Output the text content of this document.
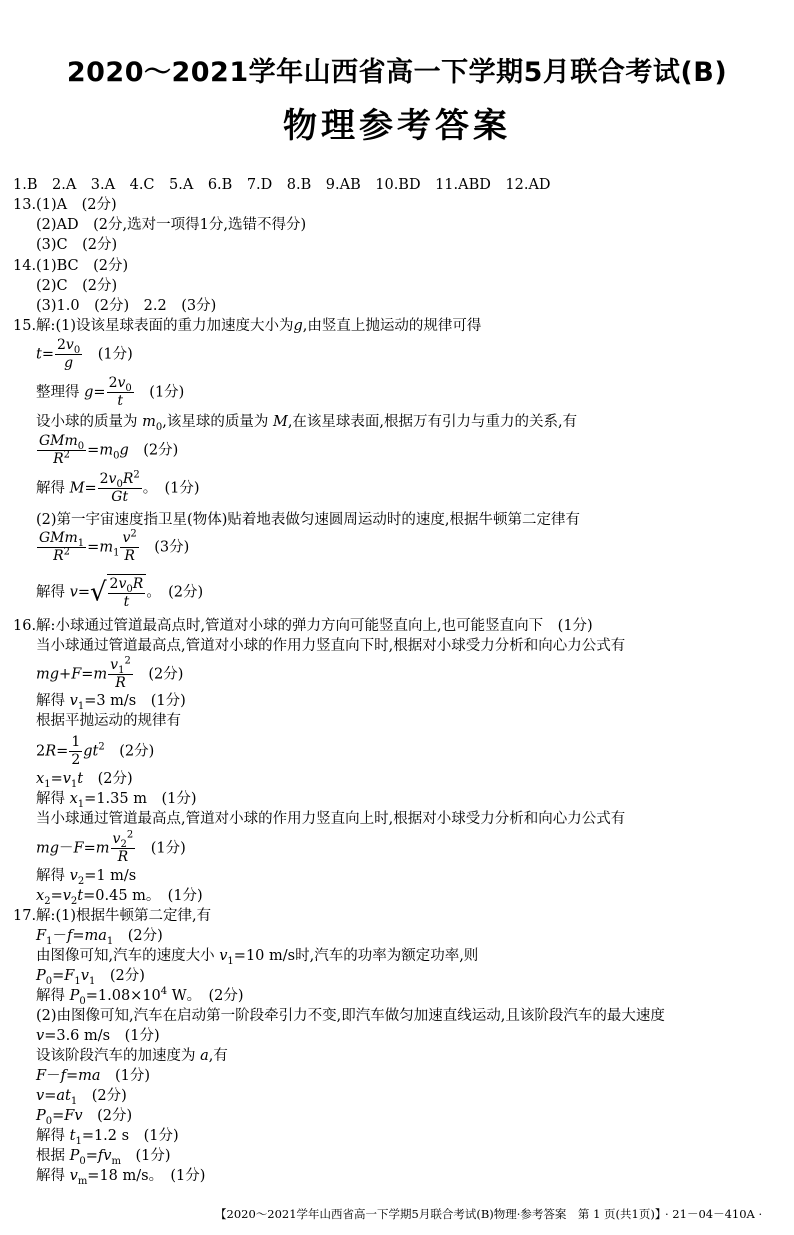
2020～2021学年山西省高一下学期5月联合考试(B)
物理参考答案
1.B　2.A　3.A　4.C　5.A　6.B　7.D　8.B　9.AB　10.BD　11.ABD　12.AD
13.(1)A　(2分)
(2)AD　(2分,选对一项得1分,选错不得分)
(3)C　(2分)
14.(1)BC　(2分)
(2)C　(2分)
(3)1.0　(2分)　2.2　(3分)
15.解:(1)设该星球表面的重力加速度大小为g,由竖直上抛运动的规律可得
$t= \frac{2v_0}{g}$
　 (1分)
整理得 $g= \frac{2v_0}{t}$
　 (1分)
设小球的质量为 $m_0$,该星球的质量为 M,在该星球表面,根据万有引力与重力的关系,有
GMm$_0$
$R^2$	$=m_0g$　 (2分)
解得 $M= \frac{2v_0R^2}{Gt}$ 。　(1分)
(2)第一宇宙速度指卫星(物体)贴着地表做匀速圆周运动时的速度,根据牛顿第二定律有
GMm$_1$
$R^2$	$=m_1 \frac{v^2}{R}$
　 (3分)
解得 $v=√ \frac{2v_0R}{t}$ 。　(2分)
16.解:小球通过管道最高点时,管道对小球的弹力方向可能竖直向上,也可能竖直向下　(1分)
当小球通过管道最高点,管道对小球的作用力竖直向下时,根据对小球受力分析和向心力公式有
$mg+F=m \frac{v_1^2}{R}$
　 (2分)
解得 $v_1=3$ m/s　 (1分)
根据平抛运动的规律有
$2R= \frac{1}{2} gt^2$　 (2分)
$x_1=v_1t$　 (2分)
解得 $x_1=1.35$ m　 (1分)
当小球通过管道最高点,管道对小球的作用力竖直向上时,根据对小球受力分析和向心力公式有
$mg-F=m \frac{v_2^2}{R}$
　 (1分)
解得 $v_2=1$ m/s
$x_2=v_2t=0.45$ m。　 (1分)
17.解:(1)根据牛顿第二定律,有
$F_1-f=ma_1$　 (2分)
由图像可知,汽车的速度大小 $v_1=10$ m/s时,汽车的功率为额定功率,则
$P_0=F_1v_1$　 (2分)
解得 $P_0=1.08\times 10^4$ W。　 (2分)
(2)由图像可知,汽车在启动第一阶段牵引力不变,即汽车做匀加速直线运动,且该阶段汽车的最大速度
v=3.6 m/s　 (1分)
设该阶段汽车的加速度为 a,有
F－f=ma　 (1分)
$v=at_1$　 (2分)
$P_0=Fv$　 (2分)
解得 $t_1=1.2$ s　 (1分)
根据 $P_0=fv_m$　 (1分)
解得 $v_m=18$ m/s。　 (1分)
【2020～2021学年山西省高一下学期5月联合考试(B)物理·参考答案　第 1 页(共1页)】
· 21－04－410A ·
